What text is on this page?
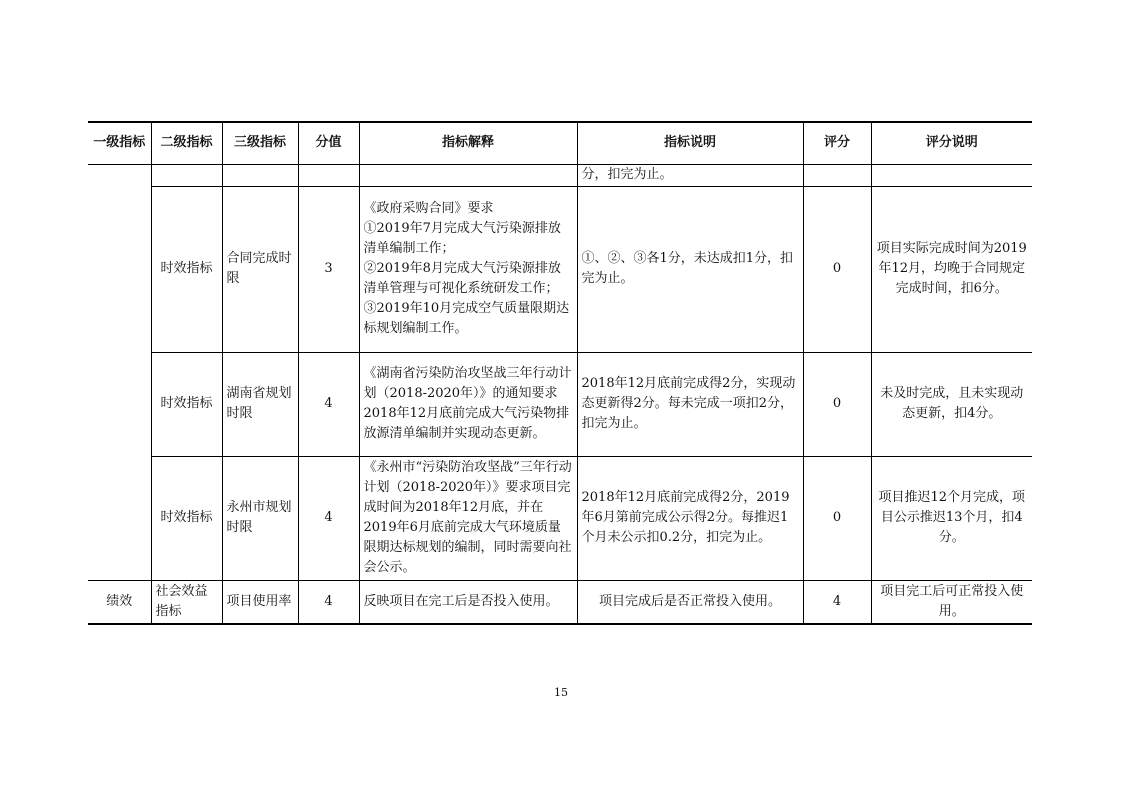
一级指标	二级指标	三级指标	分值	指标解释	指标说明	评分	评分说明
					分，扣完为止。		
	时效指标	合同完成时限	3	《政府采购合同》要求
①2019年7月完成大气污染源排放清单编制工作；
②2019年8月完成大气污染源排放清单管理与可视化系统研发工作；
③2019年10月完成空气质量限期达标规划编制工作。	①、②、③各1分，未达成扣1分，扣完为止。	0	项目实际完成时间为2019年12月，均晚于合同规定完成时间，扣6分。
	时效指标	湖南省规划时限	4	《湖南省污染防治攻坚战三年行动计划（2018-2020年）》的通知要求2018年12月底前完成大气污染物排放源清单编制并实现动态更新。	2018年12月底前完成得2分，实现动态更新得2分。每未完成一项扣2分，扣完为止。	0	未及时完成，且未实现动态更新，扣4分。
	时效指标	永州市规划时限	4	《永州市“污染防治攻坚战”三年行动计划（2018-2020年）》要求项目完成时间为2018年12月底，并在2019年6月底前完成大气环境质量限期达标规划的编制，同时需要向社会公示。	2018年12月底前完成得2分，2019年6月第前完成公示得2分。每推迟1个月未公示扣0.2分，扣完为止。	0	项目推迟12个月完成，项目公示推迟13个月，扣4分。
绩效	社会效益指标	项目使用率	4	反映项目在完工后是否投入使用。	项目完成后是否正常投入使用。	4	项目完工后可正常投入使用。
15
